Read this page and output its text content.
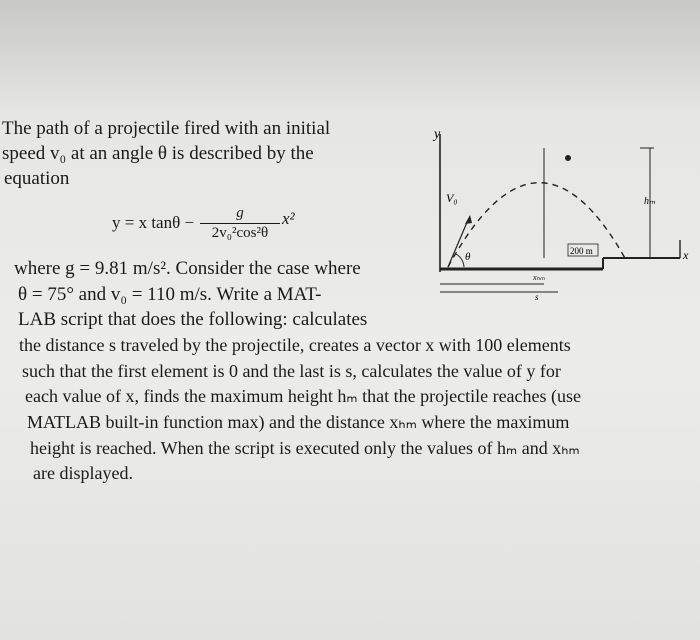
The path of a projectile fired with an initial
speed v₀ at an angle θ is described by the
equation
y = x tanθ −	g
2v₀²cos²θ
x²
where g = 9.81 m/s². Consider the case where
θ = 75° and v₀ = 110 m/s. Write a MAT-
LAB script that does the following: calculates
the distance s traveled by the projectile, creates a vector x with 100 elements
such that the first element is 0 and the last is s, calculates the value of y for
each value of x, finds the maximum height hₘ that the projectile reaches (use
MATLAB built-in function max) and the distance xₕₘ where the maximum
height is reached. When the script is executed only the values of hₘ and xₕₘ
are displayed.
y
x
V₀
θ
hₘ
200 m
xₕₘ
s
